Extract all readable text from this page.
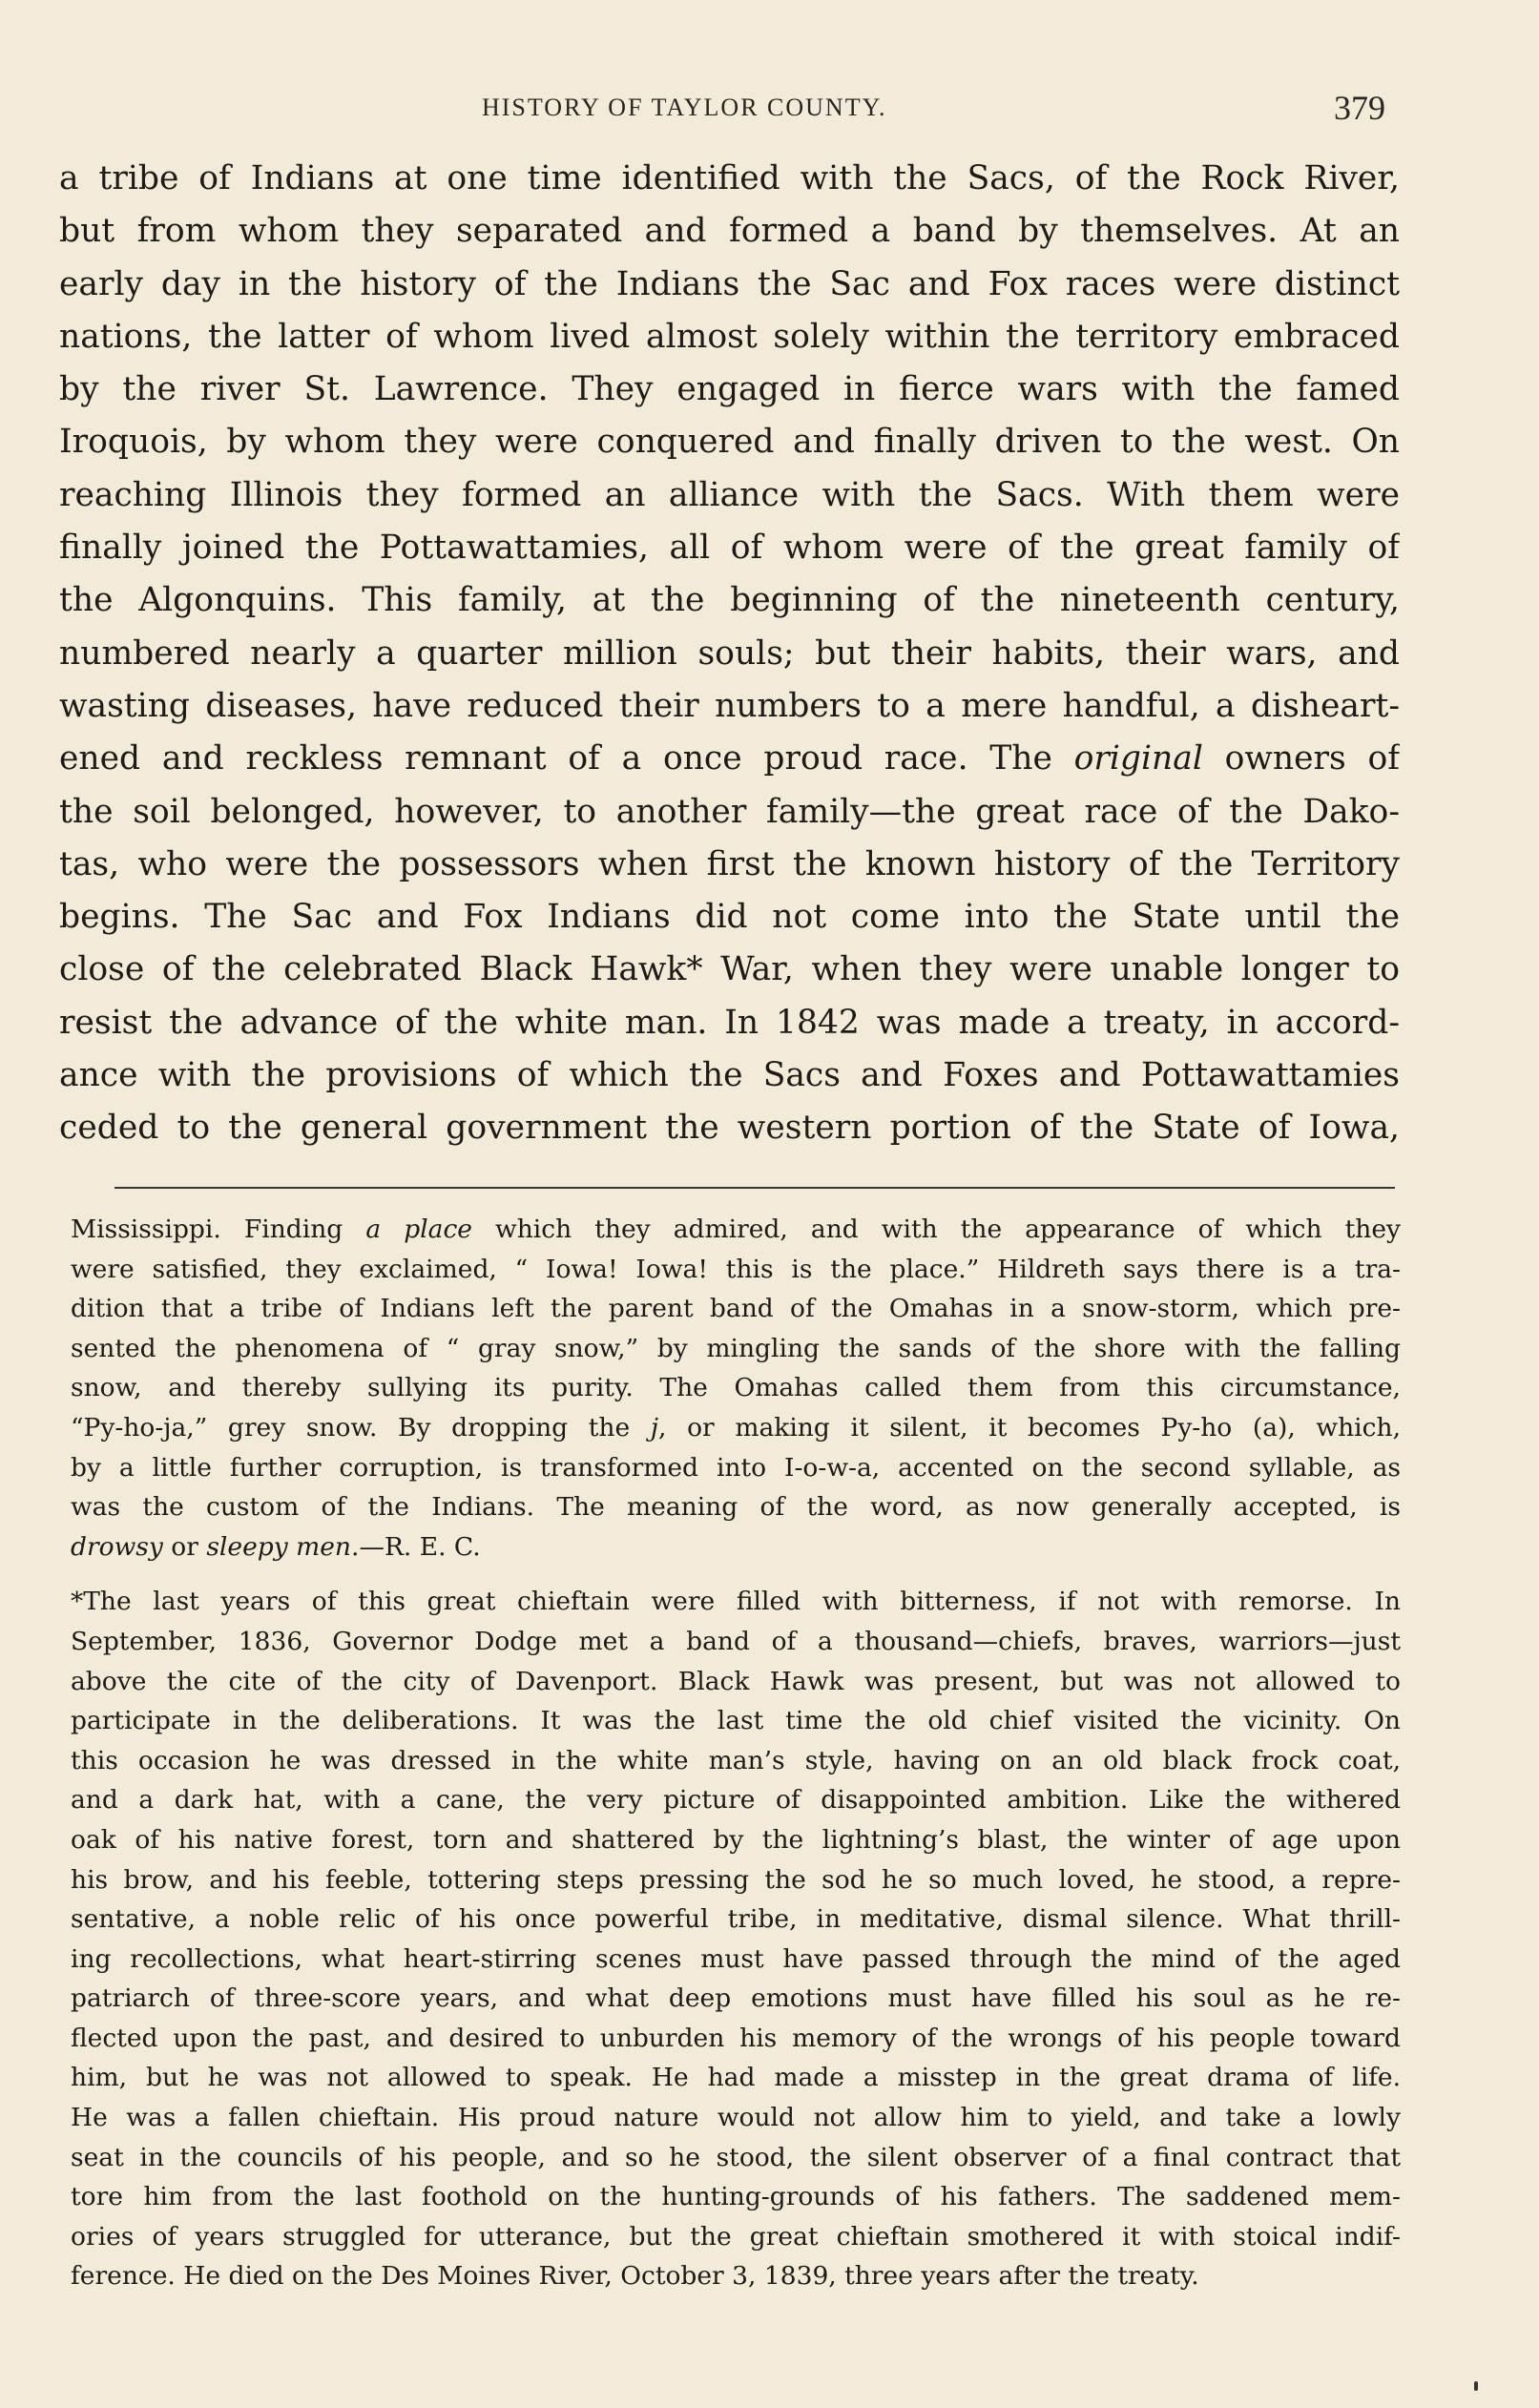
HISTORY OF TAYLOR COUNTY.	379
a tribe of Indians at one time identified with the Sacs, of the Rock River,
but from whom they separated and formed a band by themselves. At an
early day in the history of the Indians the Sac and Fox races were distinct
nations, the latter of whom lived almost solely within the territory embraced
by the river St. Lawrence. They engaged in fierce wars with the famed
Iroquois, by whom they were conquered and finally driven to the west. On
reaching Illinois they formed an alliance with the Sacs. With them were
finally joined the Pottawattamies, all of whom were of the great family of
the Algonquins. This family, at the beginning of the nineteenth century,
numbered nearly a quarter million souls; but their habits, their wars, and
wasting diseases, have reduced their numbers to a mere handful, a disheart-
ened and reckless remnant of a once proud race. The original owners of
the soil belonged, however, to another family—the great race of the Dako-
tas, who were the possessors when first the known history of the Territory
begins. The Sac and Fox Indians did not come into the State until the
close of the celebrated Black Hawk* War, when they were unable longer to
resist the advance of the white man. In 1842 was made a treaty, in accord-
ance with the provisions of which the Sacs and Foxes and Pottawattamies
ceded to the general government the western portion of the State of Iowa,
Mississippi. Finding a place which they admired, and with the appearance of which they
were satisfied, they exclaimed, “ Iowa! Iowa! this is the place.” Hildreth says there is a tra-
dition that a tribe of Indians left the parent band of the Omahas in a snow-storm, which pre-
sented the phenomena of “ gray snow,” by mingling the sands of the shore with the falling
snow, and thereby sullying its purity. The Omahas called them from this circumstance,
“Py-ho-ja,” grey snow. By dropping the j, or making it silent, it becomes Py-ho (a), which,
by a little further corruption, is transformed into I-o-w-a, accented on the second syllable, as
was the custom of the Indians. The meaning of the word, as now generally accepted, is
drowsy or sleepy men.—R. E. C.
*The last years of this great chieftain were filled with bitterness, if not with remorse. In
September, 1836, Governor Dodge met a band of a thousand—chiefs, braves, warriors—just
above the cite of the city of Davenport. Black Hawk was present, but was not allowed to
participate in the deliberations. It was the last time the old chief visited the vicinity. On
this occasion he was dressed in the white man’s style, having on an old black frock coat,
and a dark hat, with a cane, the very picture of disappointed ambition. Like the withered
oak of his native forest, torn and shattered by the lightning’s blast, the winter of age upon
his brow, and his feeble, tottering steps pressing the sod he so much loved, he stood, a repre-
sentative, a noble relic of his once powerful tribe, in meditative, dismal silence. What thrill-
ing recollections, what heart-stirring scenes must have passed through the mind of the aged
patriarch of three-score years, and what deep emotions must have filled his soul as he re-
flected upon the past, and desired to unburden his memory of the wrongs of his people toward
him, but he was not allowed to speak. He had made a misstep in the great drama of life.
He was a fallen chieftain. His proud nature would not allow him to yield, and take a lowly
seat in the councils of his people, and so he stood, the silent observer of a final contract that
tore him from the last foothold on the hunting-grounds of his fathers. The saddened mem-
ories of years struggled for utterance, but the great chieftain smothered it with stoical indif-
ference. He died on the Des Moines River, October 3, 1839, three years after the treaty.
